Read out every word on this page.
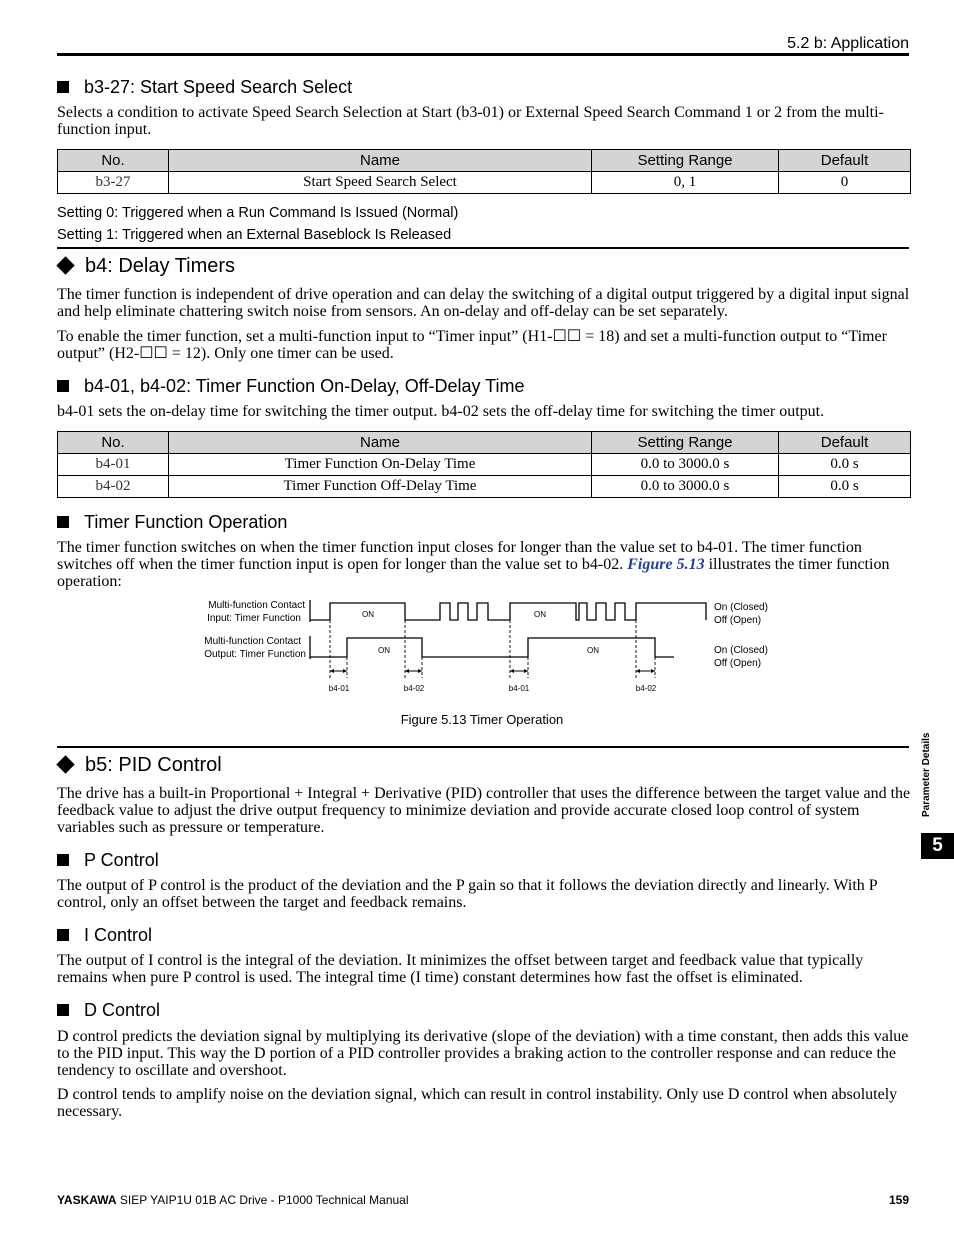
5.2 b: Application
b3-27: Start Speed Search Select
Selects a condition to activate Speed Search Selection at Start (b3-01) or External Speed Search Command 1 or 2 from the multi-function input.
No.	Name	Setting Range	Default
b3-27	Start Speed Search Select	0, 1	0
Setting 0: Triggered when a Run Command Is Issued (Normal)
Setting 1: Triggered when an External Baseblock Is Released
b4: Delay Timers
The timer function is independent of drive operation and can delay the switching of a digital output triggered by a digital input signal and help eliminate chattering switch noise from sensors. An on-delay and off-delay can be set separately.
To enable the timer function, set a multi-function input to “Timer input” (H1-☐☐ = 18) and set a multi-function output to “Timer output” (H2-☐☐ = 12). Only one timer can be used.
b4-01, b4-02: Timer Function On-Delay, Off-Delay Time
b4-01 sets the on-delay time for switching the timer output. b4-02 sets the off-delay time for switching the timer output.
No.	Name	Setting Range	Default
b4-01	Timer Function On-Delay Time	0.0 to 3000.0 s	0.0 s
b4-02	Timer Function Off-Delay Time	0.0 to 3000.0 s	0.0 s
Timer Function Operation
The timer function switches on when the timer function input closes for longer than the value set to b4-01. The timer function switches off when the timer function input is open for longer than the value set to b4-02. Figure 5.13 illustrates the timer function operation:
Multi-function Contact
Input: Timer Function
Multi-function Contact
Output: Timer Function
ON	ON
ON	ON
On (Closed)
Off (Open)
On (Closed)
Off (Open)
b4-01	b4-02	b4-01	b4-02
Figure 5.13 Timer Operation
b5: PID Control
The drive has a built-in Proportional + Integral + Derivative (PID) controller that uses the difference between the target value and the feedback value to adjust the drive output frequency to minimize deviation and provide accurate closed loop control of system variables such as pressure or temperature.
P Control
The output of P control is the product of the deviation and the P gain so that it follows the deviation directly and linearly. With P control, only an offset between the target and feedback remains.
I Control
The output of I control is the integral of the deviation. It minimizes the offset between target and feedback value that typically remains when pure P control is used. The integral time (I time) constant determines how fast the offset is eliminated.
D Control
D control predicts the deviation signal by multiplying its derivative (slope of the deviation) with a time constant, then adds this value to the PID input. This way the D portion of a PID controller provides a braking action to the controller response and can reduce the tendency to oscillate and overshoot.
D control tends to amplify noise on the deviation signal, which can result in control instability. Only use D control when absolutely necessary.
Parameter Details
5
YASKAWA SIEP YAIP1U 01B AC Drive - P1000 Technical Manual	159
